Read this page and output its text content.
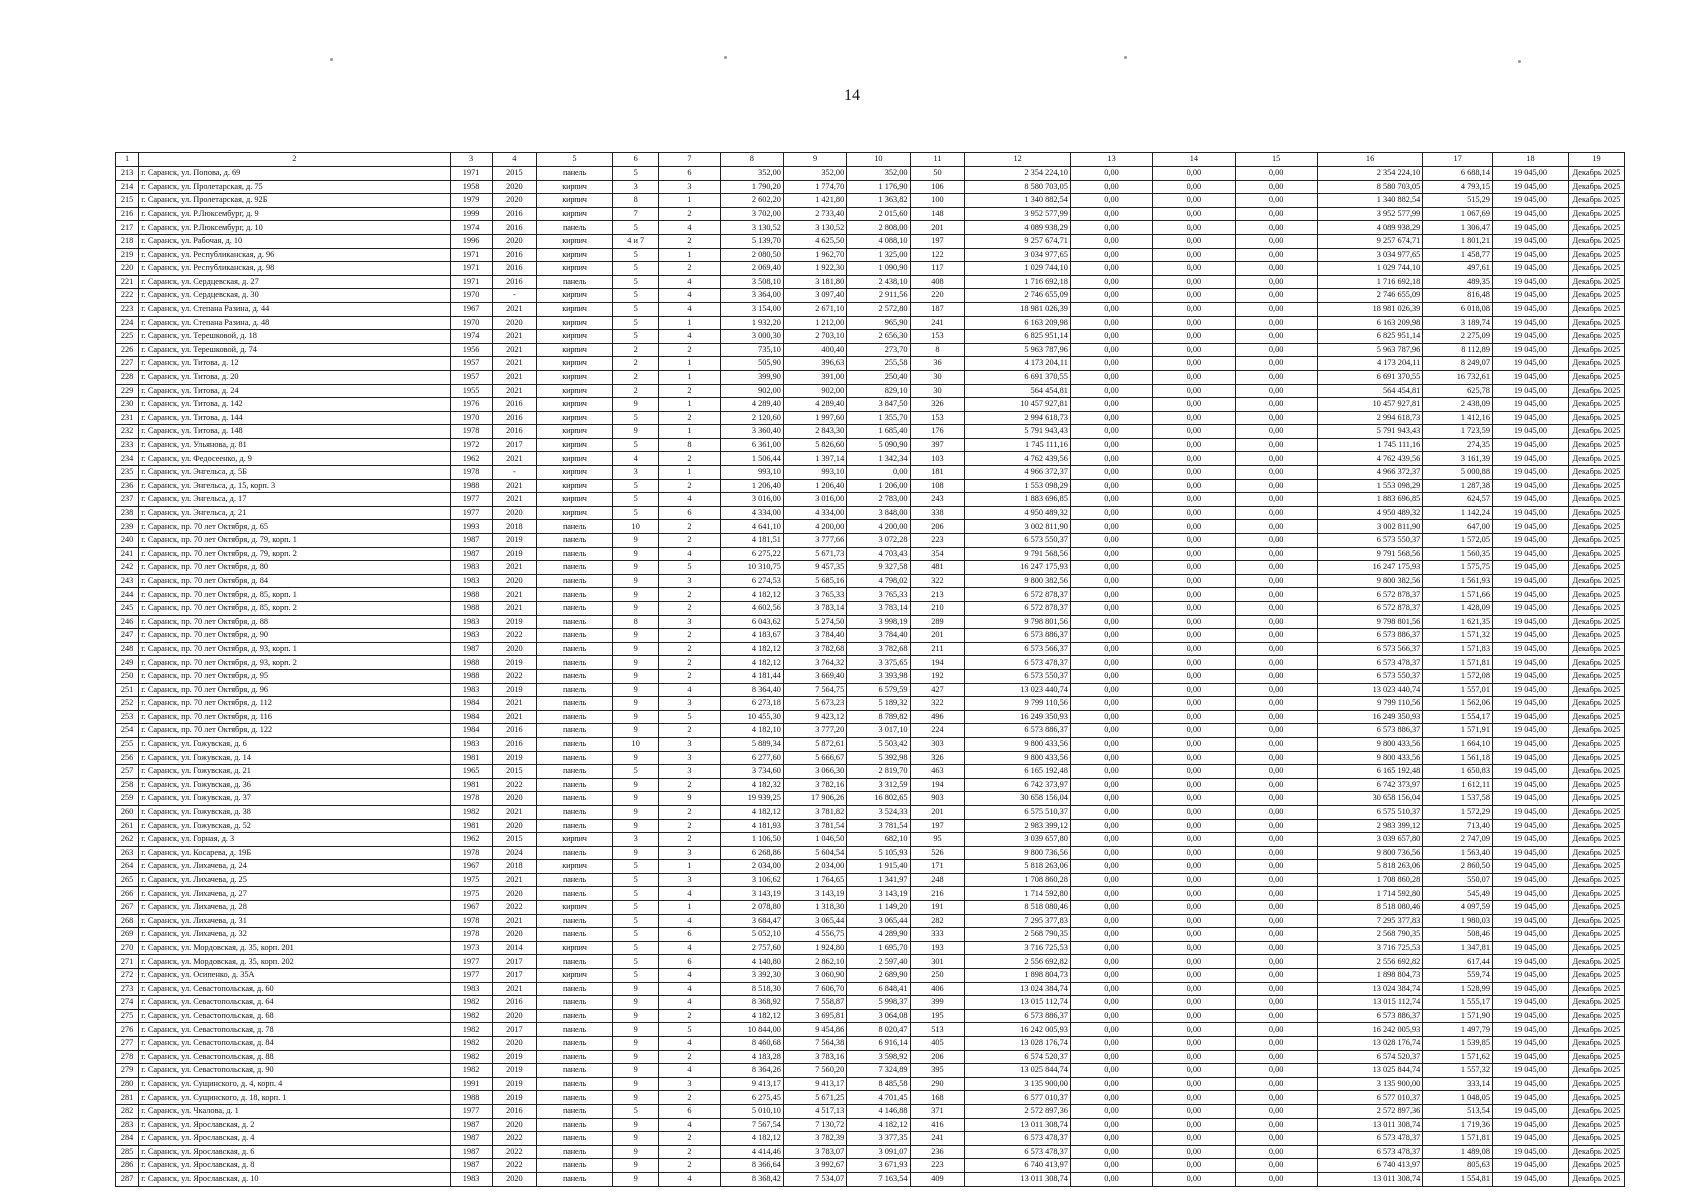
14
1	2	3	4	5	6	7	8	9	10	11	12	13	14	15	16	17	18	19
213	г. Саранск, ул. Попова, д. 69	1971	2015	панель	5	6	352,00	352,00	352,00	50	2 354 224,10	0,00	0,00	0,00	2 354 224,10	6 688,14	19 045,00	Декабрь 2025
214	г. Саранск, ул. Пролетарская, д. 75	1958	2020	кирпич	3	3	1 790,20	1 774,70	1 176,90	106	8 580 703,05	0,00	0,00	0,00	8 580 703,05	4 793,15	19 045,00	Декабрь 2025
215	г. Саранск, ул. Пролетарская, д. 92Б	1979	2020	кирпич	8	1	2 602,20	1 421,80	1 363,82	100	1 340 882,54	0,00	0,00	0,00	1 340 882,54	515,29	19 045,00	Декабрь 2025
216	г. Саранск, ул. Р.Люксембург, д. 9	1999	2016	кирпич	7	2	3 702,00	2 733,40	2 015,60	148	3 952 577,99	0,00	0,00	0,00	3 952 577,99	1 067,69	19 045,00	Декабрь 2025
217	г. Саранск, ул. Р.Люксембург, д. 10	1974	2016	панель	5	4	3 130,52	3 130,52	2 808,00	201	4 089 938,29	0,00	0,00	0,00	4 089 938,29	1 306,47	19 045,00	Декабрь 2025
218	г. Саранск, ул. Рабочая, д. 10	1996	2020	кирпич	4 и 7	2	5 139,70	4 625,50	4 088,10	197	9 257 674,71	0,00	0,00	0,00	9 257 674,71	1 801,21	19 045,00	Декабрь 2025
219	г. Саранск, ул. Республиканская, д. 96	1971	2016	кирпич	5	1	2 080,50	1 962,70	1 325,00	122	3 034 977,65	0,00	0,00	0,00	3 034 977,65	1 458,77	19 045,00	Декабрь 2025
220	г. Саранск, ул. Республиканская, д. 98	1971	2016	кирпич	5	2	2 069,40	1 922,30	1 090,90	117	1 029 744,10	0,00	0,00	0,00	1 029 744,10	497,61	19 045,00	Декабрь 2025
221	г. Саранск, ул. Сердцевская, д. 27	1971	2016	панель	5	4	3 508,10	3 181,80	2 438,10	408	1 716 692,18	0,00	0,00	0,00	1 716 692,18	489,35	19 045,00	Декабрь 2025
222	г. Саранск, ул. Сердцевская, д. 30	1970	-	кирпич	5	4	3 364,00	3 097,40	2 911,56	220	2 746 655,09	0,00	0,00	0,00	2 746 655,09	816,48	19 045,00	Декабрь 2025
223	г. Саранск, ул. Степана Разина, д. 44	1967	2021	кирпич	5	4	3 154,00	2 671,10	2 572,80	187	18 981 026,39	0,00	0,00	0,00	18 981 026,39	6 018,08	19 045,00	Декабрь 2025
224	г. Саранск, ул. Степана Разина, д. 48	1970	2020	кирпич	5	1	1 932,20	1 212,00	965,90	241	6 163 209,98	0,00	0,00	0,00	6 163 209,98	3 189,74	19 045,00	Декабрь 2025
225	г. Саранск, ул. Терешковой, д. 18	1974	2021	кирпич	5	4	3 000,30	2 703,10	2 656,30	153	6 825 951,14	0,00	0,00	0,00	6 825 951,14	2 275,09	19 045,00	Декабрь 2025
226	г. Саранск, ул. Терешковой, д. 74	1956	2021	кирпич	2	2	735,10	400,40	273,70	8	5 963 787,96	0,00	0,00	0,00	5 963 787,96	8 112,89	19 045,00	Декабрь 2025
227	г. Саранск, ул. Титова, д. 12	1957	2021	кирпич	2	1	505,90	396,63	255,58	36	4 173 204,11	0,00	0,00	0,00	4 173 204,11	8 249,07	19 045,00	Декабрь 2025
228	г. Саранск, ул. Титова, д. 20	1957	2021	кирпич	2	1	399,90	391,00	250,40	30	6 691 370,55	0,00	0,00	0,00	6 691 370,55	16 732,61	19 045,00	Декабрь 2025
229	г. Саранск, ул. Титова, д. 24	1955	2021	кирпич	2	2	902,00	902,00	829,10	30	564 454,81	0,00	0,00	0,00	564 454,81	625,78	19 045,00	Декабрь 2025
230	г. Саранск, ул. Титова, д. 142	1976	2016	кирпич	9	1	4 289,40	4 289,40	3 847,50	326	10 457 927,81	0,00	0,00	0,00	10 457 927,81	2 438,09	19 045,00	Декабрь 2025
231	г. Саранск, ул. Титова, д. 144	1970	2016	кирпич	5	2	2 120,60	1 997,60	1 355,70	153	2 994 618,73	0,00	0,00	0,00	2 994 618,73	1 412,16	19 045,00	Декабрь 2025
232	г. Саранск, ул. Титова, д. 148	1978	2016	кирпич	9	1	3 360,40	2 843,30	1 685,40	176	5 791 943,43	0,00	0,00	0,00	5 791 943,43	1 723,59	19 045,00	Декабрь 2025
233	г. Саранск, ул. Ульянова, д. 81	1972	2017	кирпич	5	8	6 361,00	5 826,60	5 090,90	397	1 745 111,16	0,00	0,00	0,00	1 745 111,16	274,35	19 045,00	Декабрь 2025
234	г. Саранск, ул. Федосеенко, д. 9	1962	2021	кирпич	4	2	1 506,44	1 397,14	1 342,34	103	4 762 439,56	0,00	0,00	0,00	4 762 439,56	3 161,39	19 045,00	Декабрь 2025
235	г. Саранск, ул. Энгельса, д. 5Б	1978	-	кирпич	3	1	993,10	993,10	0,00	181	4 966 372,37	0,00	0,00	0,00	4 966 372,37	5 000,88	19 045,00	Декабрь 2025
236	г. Саранск, ул. Энгельса, д. 15, корп. 3	1988	2021	кирпич	5	2	1 206,40	1 206,40	1 206,00	108	1 553 098,29	0,00	0,00	0,00	1 553 098,29	1 287,38	19 045,00	Декабрь 2025
237	г. Саранск, ул. Энгельса, д. 17	1977	2021	кирпич	5	4	3 016,00	3 016,00	2 783,00	243	1 883 696,85	0,00	0,00	0,00	1 883 696,85	624,57	19 045,00	Декабрь 2025
238	г. Саранск, ул. Энгельса, д. 21	1977	2020	кирпич	5	6	4 334,00	4 334,00	3 848,00	338	4 950 489,32	0,00	0,00	0,00	4 950 489,32	1 142,24	19 045,00	Декабрь 2025
239	г. Саранск, пр. 70 лет Октября, д. 65	1993	2018	панель	10	2	4 641,10	4 200,00	4 200,00	206	3 002 811,90	0,00	0,00	0,00	3 002 811,90	647,00	19 045,00	Декабрь 2025
240	г. Саранск, пр. 70 лет Октября, д. 79, корп. 1	1987	2019	панель	9	2	4 181,51	3 777,66	3 072,28	223	6 573 550,37	0,00	0,00	0,00	6 573 550,37	1 572,05	19 045,00	Декабрь 2025
241	г. Саранск, пр. 70 лет Октября, д. 79, корп. 2	1987	2019	панель	9	4	6 275,22	5 671,73	4 703,43	354	9 791 568,56	0,00	0,00	0,00	9 791 568,56	1 560,35	19 045,00	Декабрь 2025
242	г. Саранск, пр. 70 лет Октября, д. 80	1983	2021	панель	9	5	10 310,75	9 457,35	9 327,58	481	16 247 175,93	0,00	0,00	0,00	16 247 175,93	1 575,75	19 045,00	Декабрь 2025
243	г. Саранск, пр. 70 лет Октября, д. 84	1983	2020	панель	9	3	6 274,53	5 685,16	4 798,02	322	9 800 382,56	0,00	0,00	0,00	9 800 382,56	1 561,93	19 045,00	Декабрь 2025
244	г. Саранск, пр. 70 лет Октября, д. 85, корп. 1	1988	2021	панель	9	2	4 182,12	3 765,33	3 765,33	213	6 572 878,37	0,00	0,00	0,00	6 572 878,37	1 571,66	19 045,00	Декабрь 2025
245	г. Саранск, пр. 70 лет Октября, д. 85, корп. 2	1988	2021	панель	9	2	4 602,56	3 783,14	3 783,14	210	6 572 878,37	0,00	0,00	0,00	6 572 878,37	1 428,09	19 045,00	Декабрь 2025
246	г. Саранск, пр. 70 лет Октября, д. 88	1983	2019	панель	8	3	6 043,62	5 274,50	3 998,19	289	9 798 801,56	0,00	0,00	0,00	9 798 801,56	1 621,35	19 045,00	Декабрь 2025
247	г. Саранск, пр. 70 лет Октября, д. 90	1983	2022	панель	9	2	4 183,67	3 784,40	3 784,40	201	6 573 886,37	0,00	0,00	0,00	6 573 886,37	1 571,32	19 045,00	Декабрь 2025
248	г. Саранск, пр. 70 лет Октября, д. 93, корп. 1	1987	2020	панель	9	2	4 182,12	3 782,68	3 782,68	211	6 573 566,37	0,00	0,00	0,00	6 573 566,37	1 571,83	19 045,00	Декабрь 2025
249	г. Саранск, пр. 70 лет Октября, д. 93, корп. 2	1988	2019	панель	9	2	4 182,12	3 764,32	3 375,65	194	6 573 478,37	0,00	0,00	0,00	6 573 478,37	1 571,81	19 045,00	Декабрь 2025
250	г. Саранск, пр. 70 лет Октября, д. 95	1988	2022	панель	9	2	4 181,44	3 669,40	3 393,98	192	6 573 550,37	0,00	0,00	0,00	6 573 550,37	1 572,08	19 045,00	Декабрь 2025
251	г. Саранск, пр. 70 лет Октября, д. 96	1983	2019	панель	9	4	8 364,40	7 564,75	6 579,59	427	13 023 440,74	0,00	0,00	0,00	13 023 440,74	1 557,01	19 045,00	Декабрь 2025
252	г. Саранск, пр. 70 лет Октября, д. 112	1984	2021	панель	9	3	6 273,18	5 673,23	5 189,32	322	9 799 110,56	0,00	0,00	0,00	9 799 110,56	1 562,06	19 045,00	Декабрь 2025
253	г. Саранск, пр. 70 лет Октября, д. 116	1984	2021	панель	9	5	10 455,30	9 423,12	8 789,82	496	16 249 350,93	0,00	0,00	0,00	16 249 350,93	1 554,17	19 045,00	Декабрь 2025
254	г. Саранск, пр. 70 лет Октября, д. 122	1984	2016	панель	9	2	4 182,10	3 777,20	3 017,10	224	6 573 886,37	0,00	0,00	0,00	6 573 886,37	1 571,91	19 045,00	Декабрь 2025
255	г. Саранск, ул. Гожувская, д. 6	1983	2016	панель	10	3	5 889,34	5 872,61	5 503,42	303	9 800 433,56	0,00	0,00	0,00	9 800 433,56	1 664,10	19 045,00	Декабрь 2025
256	г. Саранск, ул. Гожувская, д. 14	1981	2019	панель	9	3	6 277,60	5 666,67	5 392,98	326	9 800 433,56	0,00	0,00	0,00	9 800 433,56	1 561,18	19 045,00	Декабрь 2025
257	г. Саранск, ул. Гожувская, д. 21	1965	2015	панель	5	3	3 734,60	3 066,30	2 819,70	463	6 165 192,48	0,00	0,00	0,00	6 165 192,48	1 650,83	19 045,00	Декабрь 2025
258	г. Саранск, ул. Гожувская, д. 36	1981	2022	панель	9	2	4 182,32	3 782,16	3 312,59	194	6 742 373,97	0,00	0,00	0,00	6 742 373,97	1 612,11	19 045,00	Декабрь 2025
259	г. Саранск, ул. Гожувская, д. 37	1978	2020	панель	9	9	19 939,25	17 906,26	16 802,65	903	30 658 156,04	0,00	0,00	0,00	30 658 156,04	1 537,58	19 045,00	Декабрь 2025
260	г. Саранск, ул. Гожувская, д. 38	1982	2021	панель	9	2	4 182,12	3 781,82	3 524,33	201	6 575 510,37	0,00	0,00	0,00	6 575 510,37	1 572,29	19 045,00	Декабрь 2025
261	г. Саранск, ул. Гожувская, д. 52	1981	2020	панель	9	2	4 181,93	3 781,54	3 781,54	197	2 983 399,12	0,00	0,00	0,00	2 983 399,12	713,40	19 045,00	Декабрь 2025
262	г. Саранск, ул. Горная, д. 3	1962	2015	кирпич	3	2	1 106,50	1 046,50	682,10	95	3 039 657,80	0,00	0,00	0,00	3 039 657,80	2 747,09	19 045,00	Декабрь 2025
263	г. Саранск, ул. Косарева, д. 19Б	1978	2024	панель	9	3	6 268,86	5 604,54	5 105,93	526	9 800 736,56	0,00	0,00	0,00	9 800 736,56	1 563,40	19 045,00	Декабрь 2025
264	г. Саранск, ул. Лихачева, д. 24	1967	2018	кирпич	5	1	2 034,00	2 034,00	1 915,40	171	5 818 263,06	0,00	0,00	0,00	5 818 263,06	2 860,50	19 045,00	Декабрь 2025
265	г. Саранск, ул. Лихачева, д. 25	1975	2021	панель	5	3	3 106,62	1 764,65	1 341,97	248	1 708 860,28	0,00	0,00	0,00	1 708 860,28	550,07	19 045,00	Декабрь 2025
266	г. Саранск, ул. Лихачева, д. 27	1975	2020	панель	5	4	3 143,19	3 143,19	3 143,19	216	1 714 592,80	0,00	0,00	0,00	1 714 592,80	545,49	19 045,00	Декабрь 2025
267	г. Саранск, ул. Лихачева, д. 28	1967	2022	кирпич	5	1	2 078,80	1 318,30	1 149,20	191	8 518 080,46	0,00	0,00	0,00	8 518 080,46	4 097,59	19 045,00	Декабрь 2025
268	г. Саранск, ул. Лихачева, д. 31	1978	2021	панель	5	4	3 684,47	3 065,44	3 065,44	282	7 295 377,83	0,00	0,00	0,00	7 295 377,83	1 980,03	19 045,00	Декабрь 2025
269	г. Саранск, ул. Лихачева, д. 32	1978	2020	панель	5	6	5 052,10	4 556,75	4 289,90	333	2 568 790,35	0,00	0,00	0,00	2 568 790,35	508,46	19 045,00	Декабрь 2025
270	г. Саранск, ул. Мордовская, д. 35, корп. 201	1973	2014	кирпич	5	4	2 757,60	1 924,80	1 695,70	193	3 716 725,53	0,00	0,00	0,00	3 716 725,53	1 347,81	19 045,00	Декабрь 2025
271	г. Саранск, ул. Мордовская, д. 35, корп. 202	1977	2017	панель	5	6	4 140,80	2 862,10	2 597,40	301	2 556 692,82	0,00	0,00	0,00	2 556 692,82	617,44	19 045,00	Декабрь 2025
272	г. Саранск, ул. Осипенко, д. 35А	1977	2017	кирпич	5	4	3 392,30	3 060,90	2 689,90	250	1 898 804,73	0,00	0,00	0,00	1 898 804,73	559,74	19 045,00	Декабрь 2025
273	г. Саранск, ул. Севастопольская, д. 60	1983	2021	панель	9	4	8 518,30	7 606,70	6 848,41	406	13 024 384,74	0,00	0,00	0,00	13 024 384,74	1 528,99	19 045,00	Декабрь 2025
274	г. Саранск, ул. Севастопольская, д. 64	1982	2016	панель	9	4	8 368,92	7 558,87	5 998,37	399	13 015 112,74	0,00	0,00	0,00	13 015 112,74	1 555,17	19 045,00	Декабрь 2025
275	г. Саранск, ул. Севастопольская, д. 68	1982	2020	панель	9	2	4 182,12	3 695,81	3 064,08	195	6 573 886,37	0,00	0,00	0,00	6 573 886,37	1 571,90	19 045,00	Декабрь 2025
276	г. Саранск, ул. Севастопольская, д. 78	1982	2017	панель	9	5	10 844,00	9 454,86	8 020,47	513	16 242 005,93	0,00	0,00	0,00	16 242 005,93	1 497,79	19 045,00	Декабрь 2025
277	г. Саранск, ул. Севастопольская, д. 84	1982	2020	панель	9	4	8 460,68	7 564,38	6 916,14	405	13 028 176,74	0,00	0,00	0,00	13 028 176,74	1 539,85	19 045,00	Декабрь 2025
278	г. Саранск, ул. Севастопольская, д. 88	1982	2019	панель	9	2	4 183,28	3 783,16	3 598,92	206	6 574 520,37	0,00	0,00	0,00	6 574 520,37	1 571,62	19 045,00	Декабрь 2025
279	г. Саранск, ул. Севастопольская, д. 90	1982	2019	панель	9	4	8 364,26	7 560,20	7 324,89	395	13 025 844,74	0,00	0,00	0,00	13 025 844,74	1 557,32	19 045,00	Декабрь 2025
280	г. Саранск, ул. Сущинского, д. 4, корп. 4	1991	2019	панель	9	3	9 413,17	9 413,17	8 485,58	290	3 135 900,00	0,00	0,00	0,00	3 135 900,00	333,14	19 045,00	Декабрь 2025
281	г. Саранск, ул. Сущинского, д. 18, корп. 1	1988	2019	панель	9	2	6 275,45	5 671,25	4 701,45	168	6 577 010,37	0,00	0,00	0,00	6 577 010,37	1 048,05	19 045,00	Декабрь 2025
282	г. Саранск, ул. Чкалова, д. 1	1977	2016	панель	5	6	5 010,10	4 517,13	4 146,88	371	2 572 897,36	0,00	0,00	0,00	2 572 897,36	513,54	19 045,00	Декабрь 2025
283	г. Саранск, ул. Ярославская, д. 2	1987	2020	панель	9	4	7 567,54	7 130,72	4 182,12	416	13 011 308,74	0,00	0,00	0,00	13 011 308,74	1 719,36	19 045,00	Декабрь 2025
284	г. Саранск, ул. Ярославская, д. 4	1987	2022	панель	9	2	4 182,12	3 782,39	3 377,35	241	6 573 478,37	0,00	0,00	0,00	6 573 478,37	1 571,81	19 045,00	Декабрь 2025
285	г. Саранск, ул. Ярославская, д. 6	1987	2022	панель	9	2	4 414,46	3 783,07	3 091,07	236	6 573 478,37	0,00	0,00	0,00	6 573 478,37	1 489,08	19 045,00	Декабрь 2025
286	г. Саранск, ул. Ярославская, д. 8	1987	2022	панель	9	2	8 366,64	3 992,67	3 671,93	223	6 740 413,97	0,00	0,00	0,00	6 740 413,97	805,63	19 045,00	Декабрь 2025
287	г. Саранск, ул. Ярославская, д. 10	1983	2020	панель	9	4	8 368,42	7 534,07	7 163,54	409	13 011 308,74	0,00	0,00	0,00	13 011 308,74	1 554,81	19 045,00	Декабрь 2025
